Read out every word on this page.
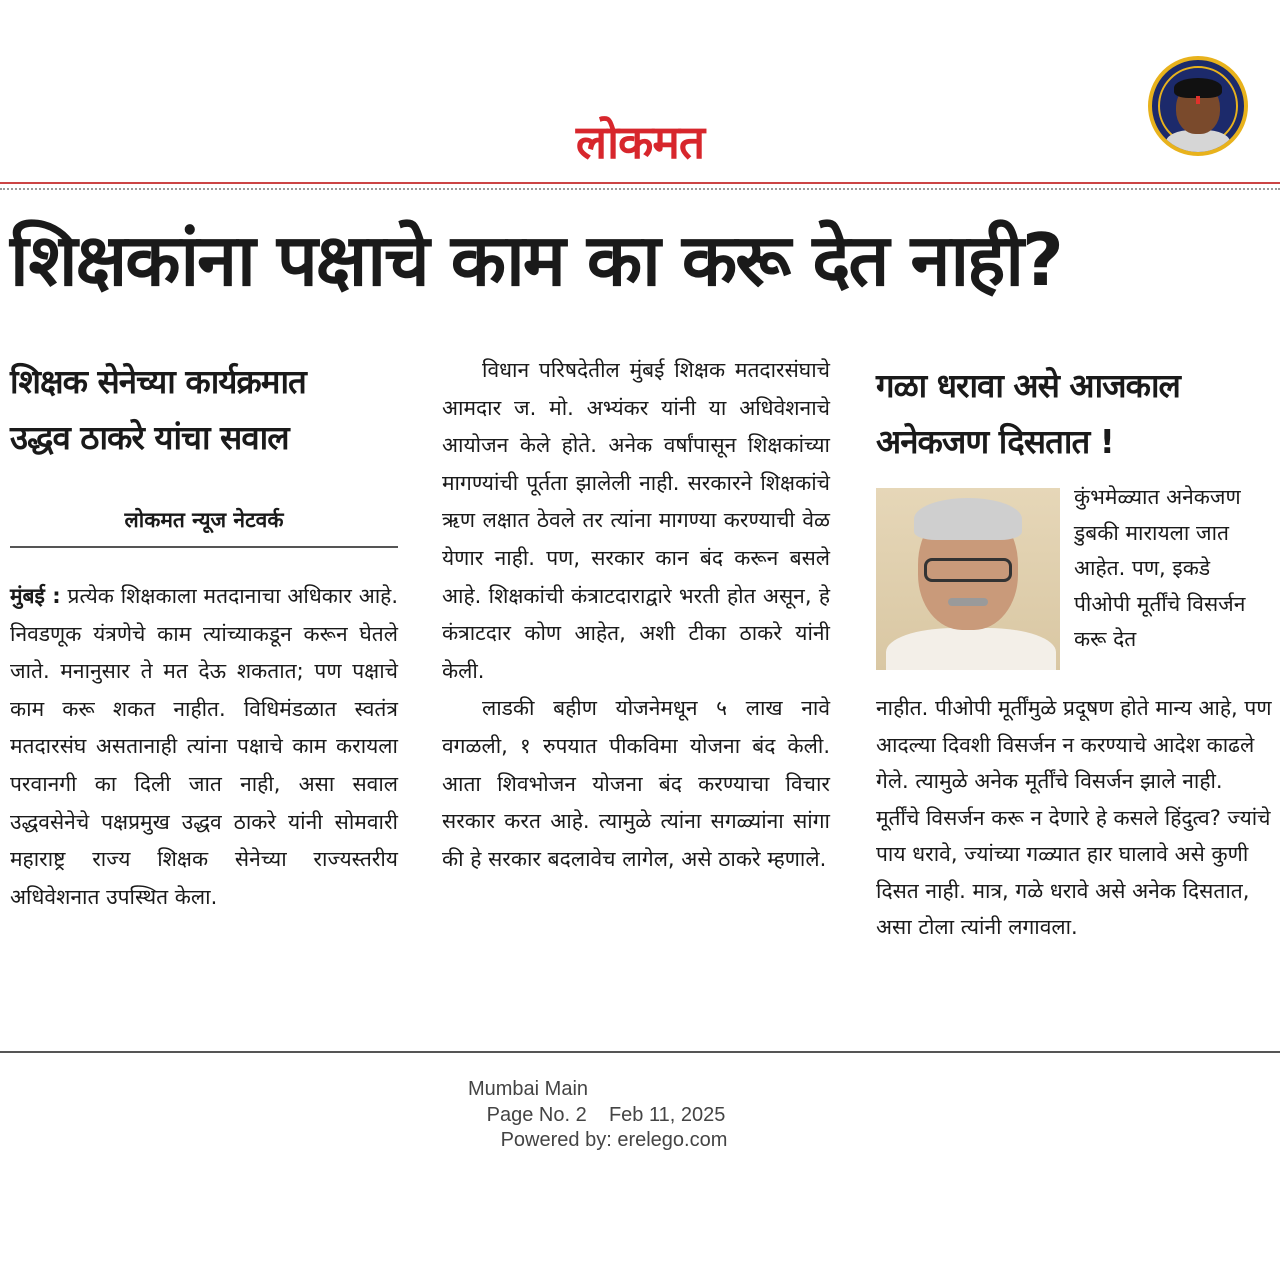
लोकमत
शिक्षकांना पक्षाचे काम का करू देत नाही?
शिक्षक सेनेच्या कार्यक्रमात
उद्धव ठाकरे यांचा सवाल
लोकमत न्यूज नेटवर्क

मुंबई : प्रत्येक शिक्षकाला मतदानाचा अधिकार आहे. निवडणूक यंत्रणेचे काम त्यांच्याकडून करून घेतले जाते. मनानुसार ते मत देऊ शकतात; पण पक्षाचे काम करू शकत नाहीत. विधिमंडळात स्वतंत्र मतदारसंघ असतानाही त्यांना पक्षाचे काम करायला परवानगी का दिली जात नाही, असा सवाल उद्धवसेनेचे पक्षप्रमुख उद्धव ठाकरे यांनी सोमवारी महाराष्ट्र राज्य शिक्षक सेनेच्या राज्यस्तरीय अधिवेशनात उपस्थित केला.

विधान परिषदेतील मुंबई शिक्षक मतदारसंघाचे आमदार ज. मो. अभ्यंकर यांनी या अधिवेशनाचे आयोजन केले होते. अनेक वर्षांपासून शिक्षकांच्या मागण्यांची पूर्तता झालेली नाही. सरकारने शिक्षकांचे ऋण लक्षात ठेवले तर त्यांना मागण्या करण्याची वेळ येणार नाही. पण, सरकार कान बंद करून बसले आहे. शिक्षकांची कंत्राटदाराद्वारे भरती होत असून, हे कंत्राटदार कोण आहेत, अशी टीका ठाकरे यांनी केली.

लाडकी बहीण योजनेमधून ५ लाख नावे वगळली, १ रुपयात पीकविमा योजना बंद केली. आता शिवभोजन योजना बंद करण्याचा विचार सरकार करत आहे. त्यामुळे त्यांना सगळ्यांना सांगा की हे सरकार बदलावेच लागेल, असे ठाकरे म्हणाले.

गळा धरावा असे आजकाल
अनेकजण दिसतात !
कुंभमेळ्यात अनेकजण डुबकी मारायला जात आहेत. पण, इकडे पीओपी मूर्तींचे विसर्जन करू देत
नाहीत. पीओपी मूर्तींमुळे प्रदूषण होते मान्य आहे, पण आदल्या दिवशी विसर्जन न करण्याचे आदेश काढले गेले. त्यामुळे अनेक मूर्तींचे विसर्जन झाले नाही. मूर्तींचे विसर्जन करू न देणारे हे कसले हिंदुत्व? ज्यांचे पाय धरावे, ज्यांच्या गळ्यात हार घालावे असे कुणी दिसत नाही. मात्र, गळे धरावे असे अनेक दिसतात, असा टोला त्यांनी लगावला.
Mumbai Main
Page No. 2 Feb 11, 2025
Powered by: erelego.com
